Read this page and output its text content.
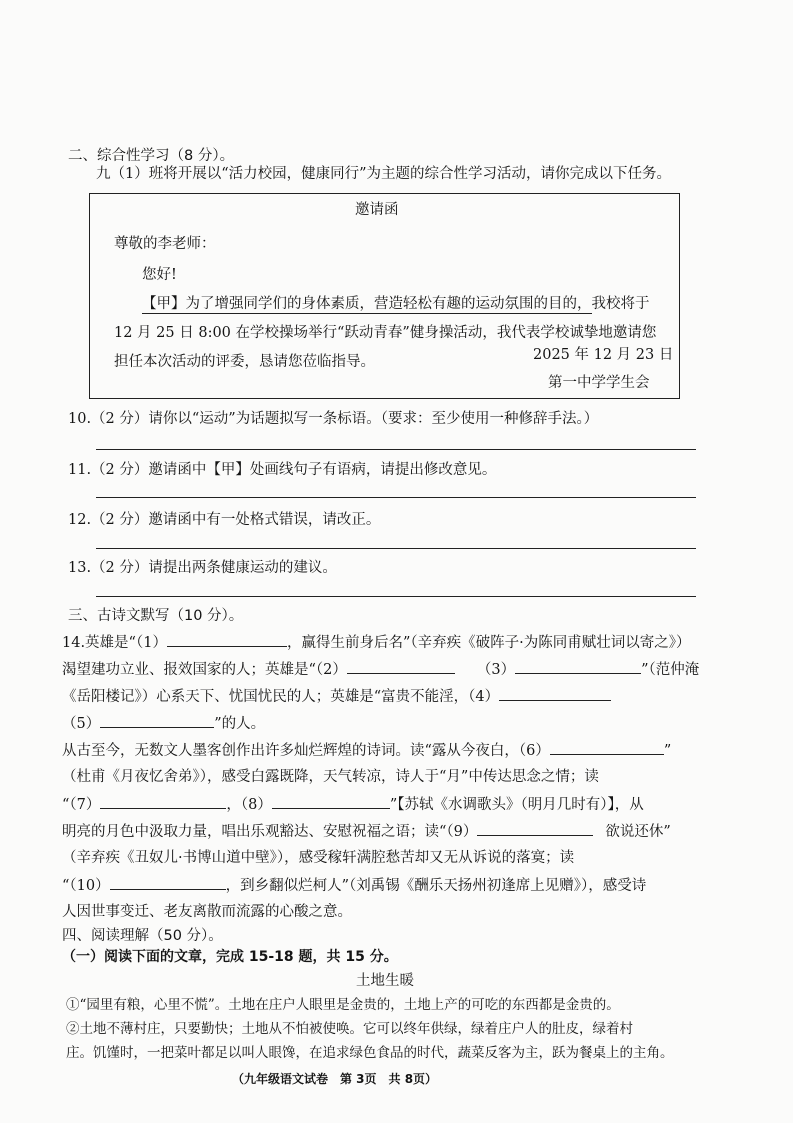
二、综合性学习（8 分）。
九（1）班将开展以“活力校园，健康同行”为主题的综合性学习活动，请你完成以下任务。
邀请函
尊敬的李老师：
您好!
【甲】为了增强同学们的身体素质，营造轻松有趣的运动氛围的目的，我校将于
12 月 25 日 8:00 在学校操场举行“跃动青春”健身操活动，我代表学校诚挚地邀请您
担任本次活动的评委，恳请您莅临指导。	2025 年 12 月 23 日
第一中学学生会
10.（2 分）请你以“运动”为话题拟写一条标语。（要求：至少使用一种修辞手法。）
11.（2 分）邀请函中【甲】处画线句子有语病，请提出修改意见。
12.（2 分）邀请函中有一处格式错误，请改正。
13.（2 分）请提出两条健康运动的建议。
三、古诗文默写（10 分）。
14.英雄是“（1）	，赢得生前身后名”（辛弃疾《破阵子·为陈同甫赋壮词以寄之》）
渴望建功立业、报效国家的人；英雄是“（2）	（3）	”（范仲淹
《岳阳楼记》）心系天下、忧国忧民的人；英雄是“富贵不能淫，（4）
（5）	”的人。
从古至今，无数文人墨客创作出许多灿烂辉煌的诗词。读“露从今夜白，（6）	”
（杜甫《月夜忆舍弟》），感受白露既降，天气转凉，诗人于“月”中传达思念之情；读
“（7）	，（8）	”【苏轼《水调歌头》（明月几时有）】，从
明亮的月色中汲取力量，唱出乐观豁达、安慰祝福之语；读“（9）	欲说还休”
（辛弃疾《丑奴儿·书博山道中壁》），感受稼轩满腔愁苦却又无从诉说的落寞；读
“（10）	，到乡翻似烂柯人”（刘禹锡《酬乐天扬州初逢席上见赠》），感受诗
人因世事变迁、老友离散而流露的心酸之意。
四、阅读理解（50 分）。
（一）阅读下面的文章，完成 15-18 题，共 15 分。
土地生暖
①“园里有粮，心里不慌”。土地在庄户人眼里是金贵的，土地上产的可吃的东西都是金贵的。
②土地不薄村庄，只要勤快；土地从不怕被使唤。它可以终年供绿，绿着庄户人的肚皮，绿着村
庄。饥馑时，一把菜叶都足以叫人眼馋，在追求绿色食品的时代，蔬菜反客为主，跃为餐桌上的主角。
（九年级语文试卷　第 3页　共 8页）
